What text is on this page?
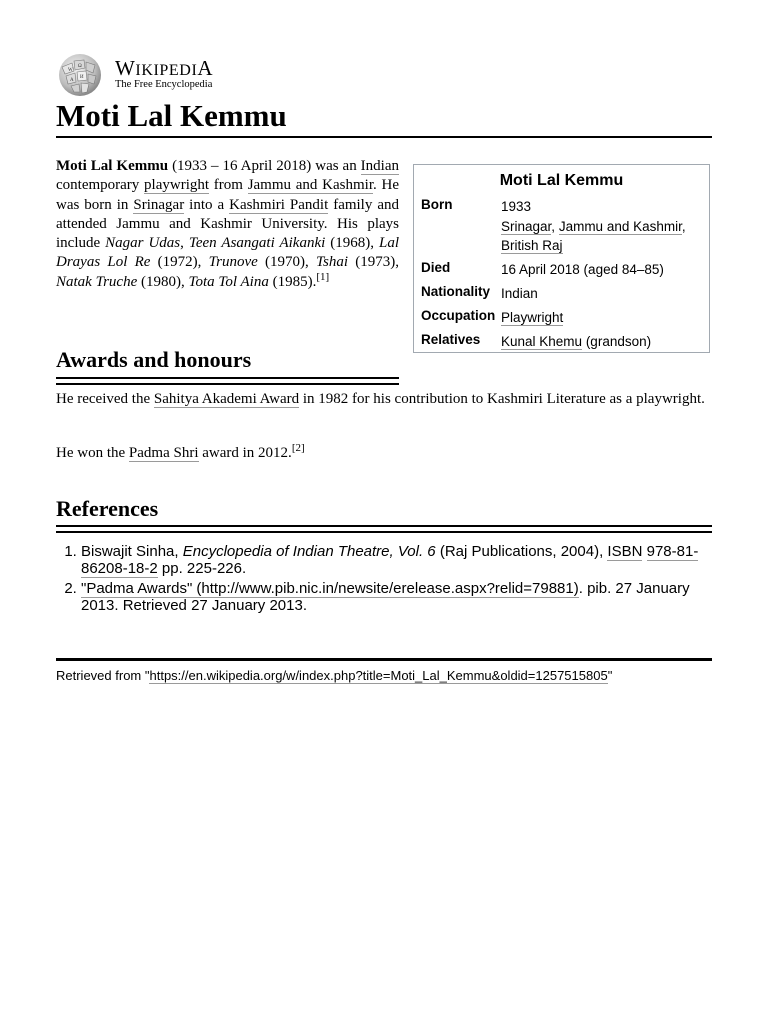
W
Ω
И
A
WIKIPEDIA
The Free Encyclopedia
Moti Lal Kemmu

Moti Lal Kemmu (1933 – 16 April 2018) was an Indian contemporary playwright from Jammu and Kashmir. He was born in Srinagar into a Kashmiri Pandit family and attended Jammu and Kashmir University. His plays include Nagar Udas, Teen Asangati Aikanki (1968), Lal Drayas Lol Re (1972), Trunove (1970), Tshai (1973), Natak Truche (1980), Tota Tol Aina (1985).[1]

Moti Lal Kemmu
Born	1933
Srinagar, Jammu and Kashmir,
British Raj
Died	16 April 2018 (aged 84–85)
Nationality Indian
Occupation Playwright
Relatives Kunal Khemu (grandson)
Awards and honours

He received the Sahitya Akademi Award in 1982 for his contribution to Kashmiri Literature as a playwright.

He won the Padma Shri award in 2012.[2]

References
1. Biswajit Sinha, Encyclopedia of Indian Theatre, Vol. 6 (Raj Publications, 2004), ISBN 978-81-86208-18-2 pp. 225-226.
2. "Padma Awards" (http://www.pib.nic.in/newsite/erelease.aspx?relid=79881). pib. 27 January 2013. Retrieved 27 January 2013.
Retrieved from "https://en.wikipedia.org/w/index.php?title=Moti_Lal_Kemmu&oldid=1257515805"
